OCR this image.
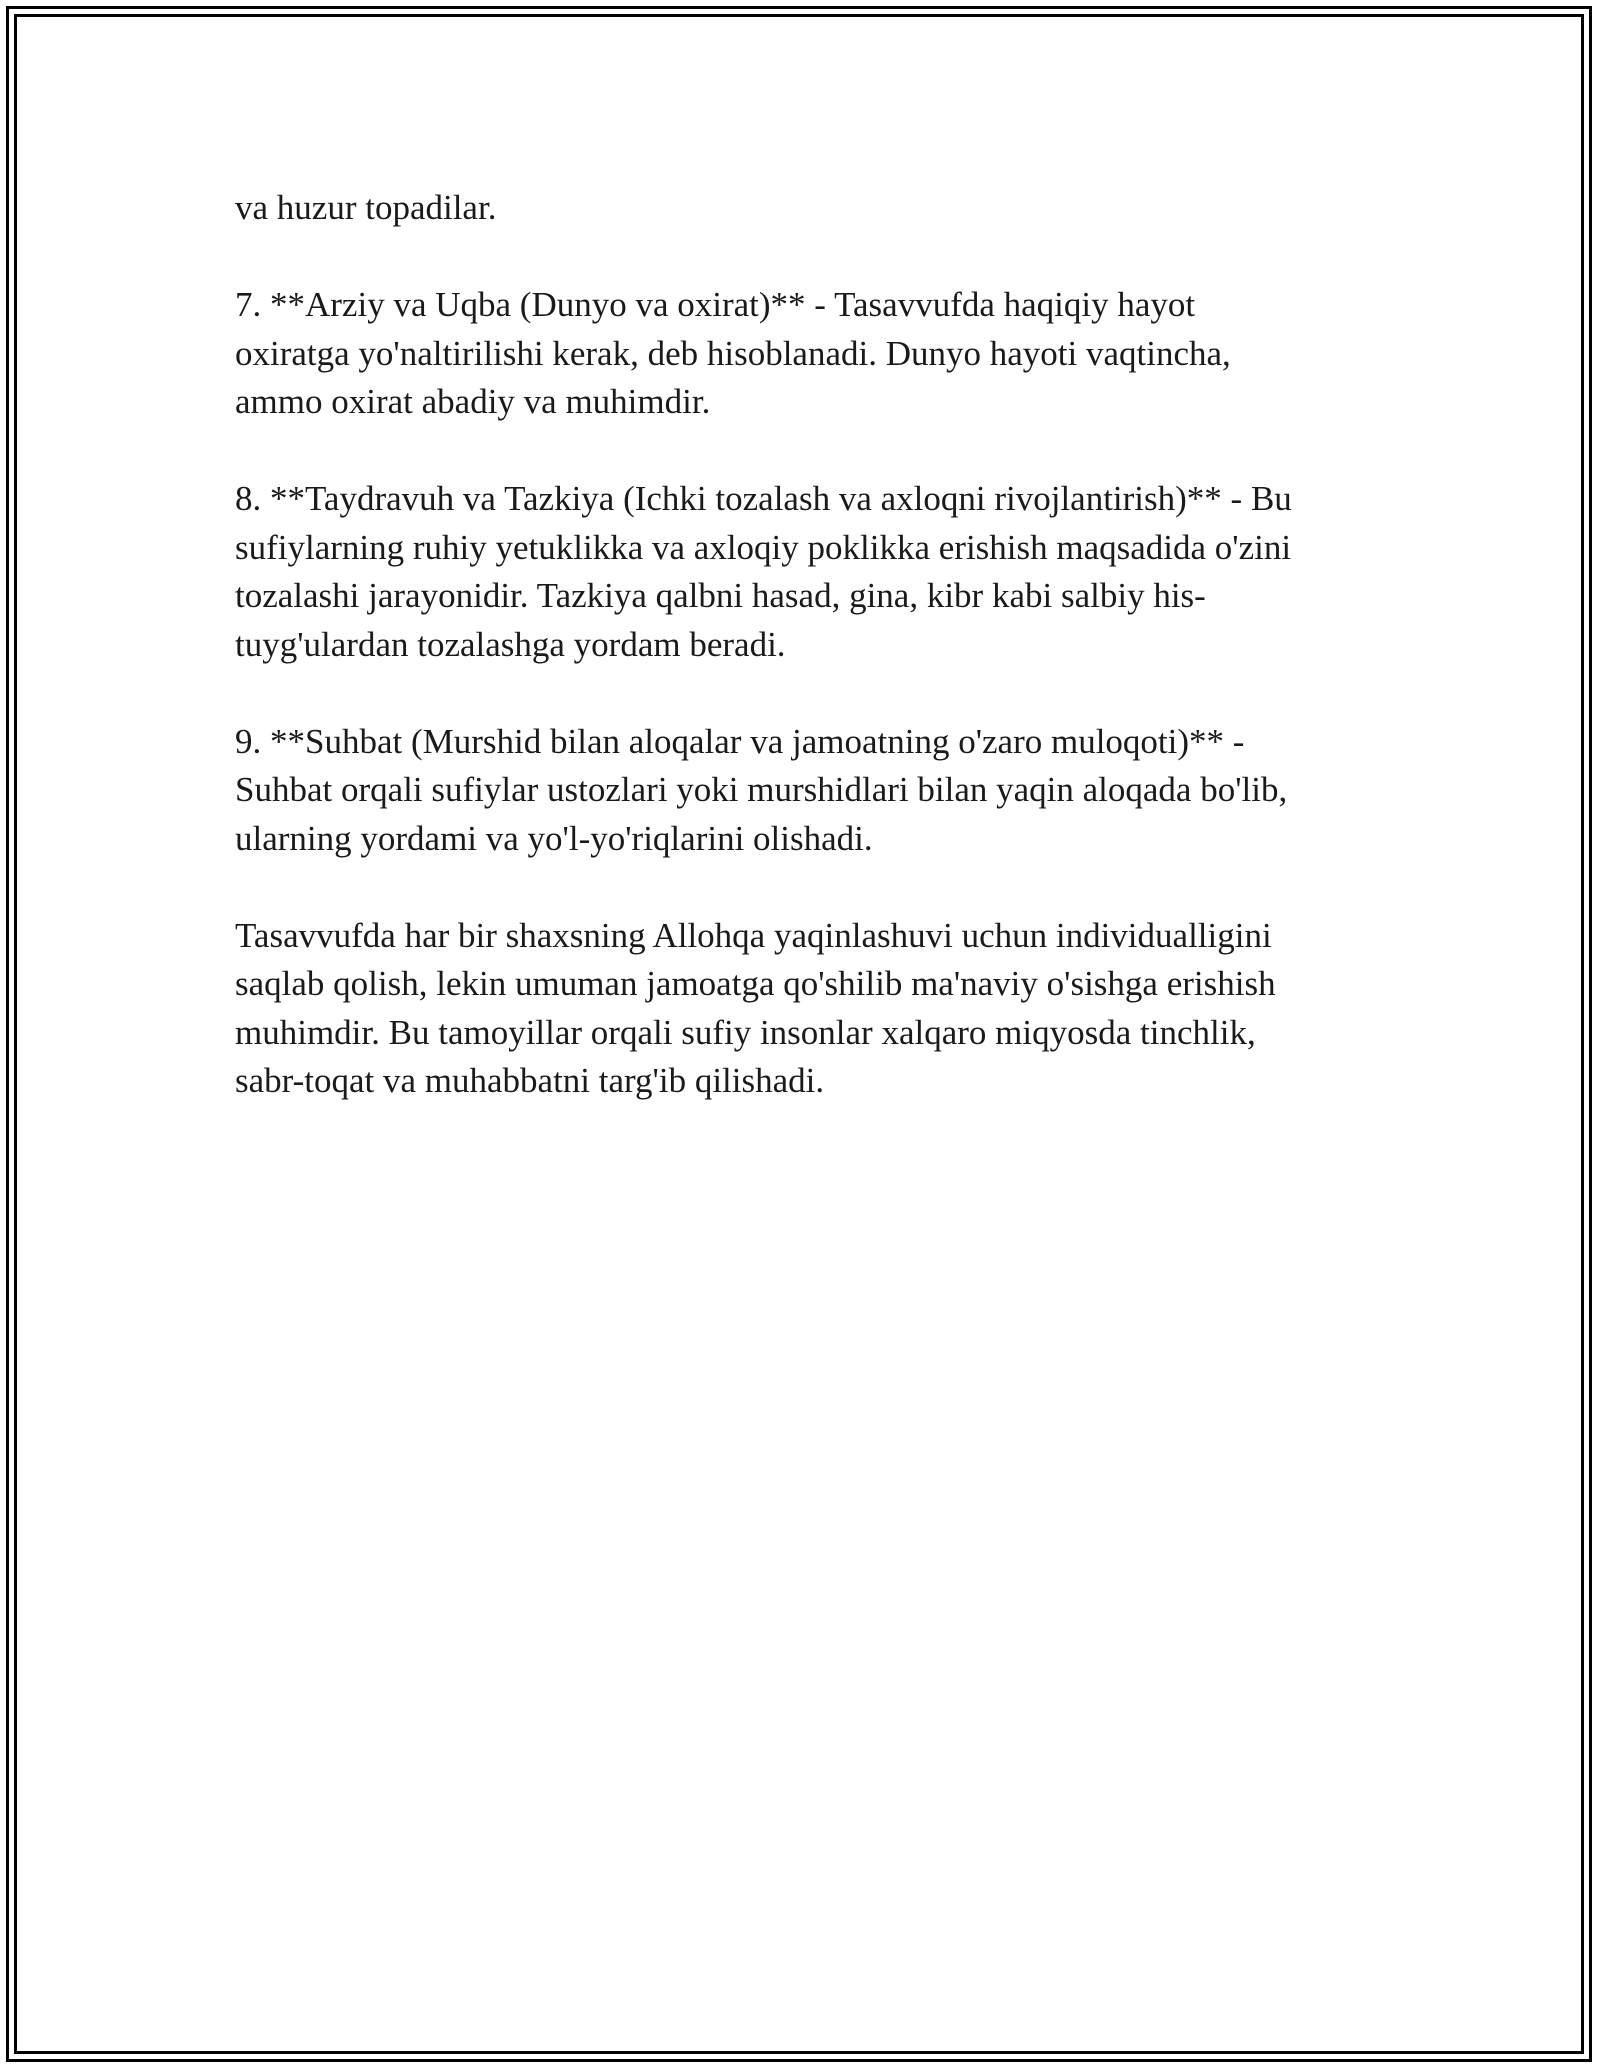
va huzur topadilar.

7. **Arziy va Uqba (Dunyo va oxirat)** - Tasavvufda haqiqiy hayot
oxiratga yo'naltirilishi kerak, deb hisoblanadi. Dunyo hayoti vaqtincha,
ammo oxirat abadiy va muhimdir.

8. **Taydravuh va Tazkiya (Ichki tozalash va axloqni rivojlantirish)** - Bu
sufiylarning ruhiy yetuklikka va axloqiy poklikka erishish maqsadida o'zini
tozalashi jarayonidir. Tazkiya qalbni hasad, gina, kibr kabi salbiy his-
tuyg'ulardan tozalashga yordam beradi.

9. **Suhbat (Murshid bilan aloqalar va jamoatning o'zaro muloqoti)** -
Suhbat orqali sufiylar ustozlari yoki murshidlari bilan yaqin aloqada bo'lib,
ularning yordami va yo'l-yo'riqlarini olishadi.

Tasavvufda har bir shaxsning Allohqa yaqinlashuvi uchun individualligini
saqlab qolish, lekin umuman jamoatga qo'shilib ma'naviy o'sishga erishish
muhimdir. Bu tamoyillar orqali sufiy insonlar xalqaro miqyosda tinchlik,
sabr-toqat va muhabbatni targ'ib qilishadi.
